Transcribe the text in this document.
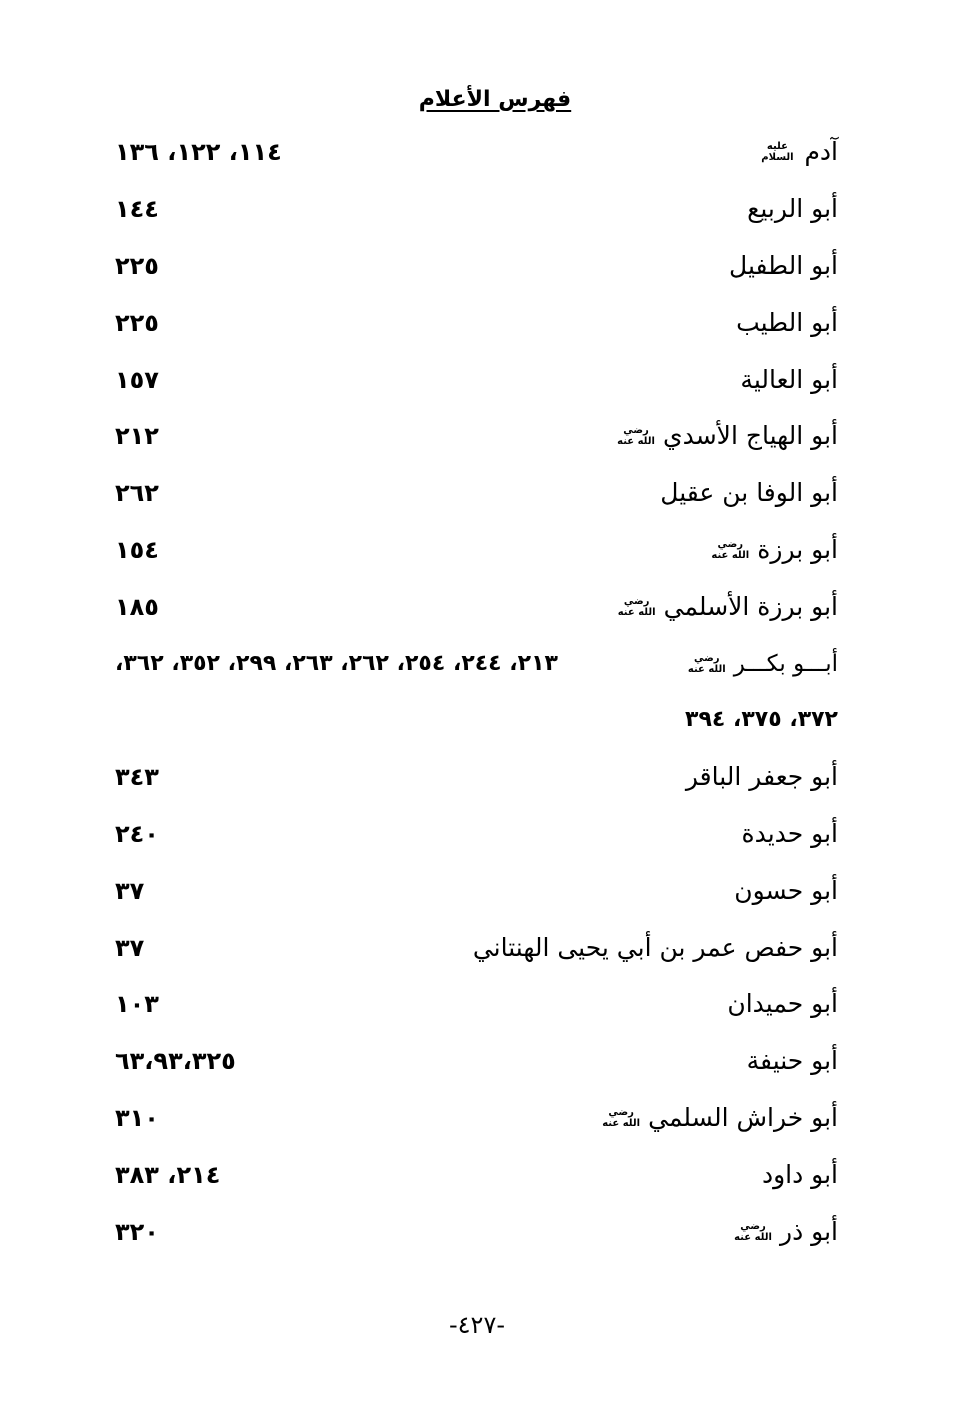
فهرس الأعلام
آدم
عليه السلام
١١٤، ١٢٢، ١٣٦
أبو الربيع
١٤٤
أبو الطفيل
٢٢٥
أبو الطيب
٢٢٥
أبو العالية
١٥٧
أبو الهياج الأسدي
رضي الله عنه
٢١٢
أبو الوفا بن عقيل
٢٦٢
أبو برزة
رضي الله عنه
١٥٤
أبو برزة الأسلمي
رضي الله عنه
١٨٥
أبـــو بكـــر
رضي الله عنه
٢١٣، ٢٤٤، ٢٥٤، ٢٦٢، ٢٦٣، ٢٩٩، ٣٥٢، ٣٦٢،
٣٧٢، ٣٧٥، ٣٩٤
أبو جعفر الباقر
٣٤٣
أبو حديدة
٢٤٠
أبو حسون
٣٧
أبو حفص عمر بن أبي يحيى الهنتاني
٣٧
أبو حميدان
١٠٣
أبو حنيفة
٦٣،٩٣،٣٢٥
أبو خراش السلمي
رضي الله عنه
٣١٠
أبو داود
٢١٤، ٣٨٣
أبو ذر
رضي الله عنه
٣٢٠
-٤٢٧-
